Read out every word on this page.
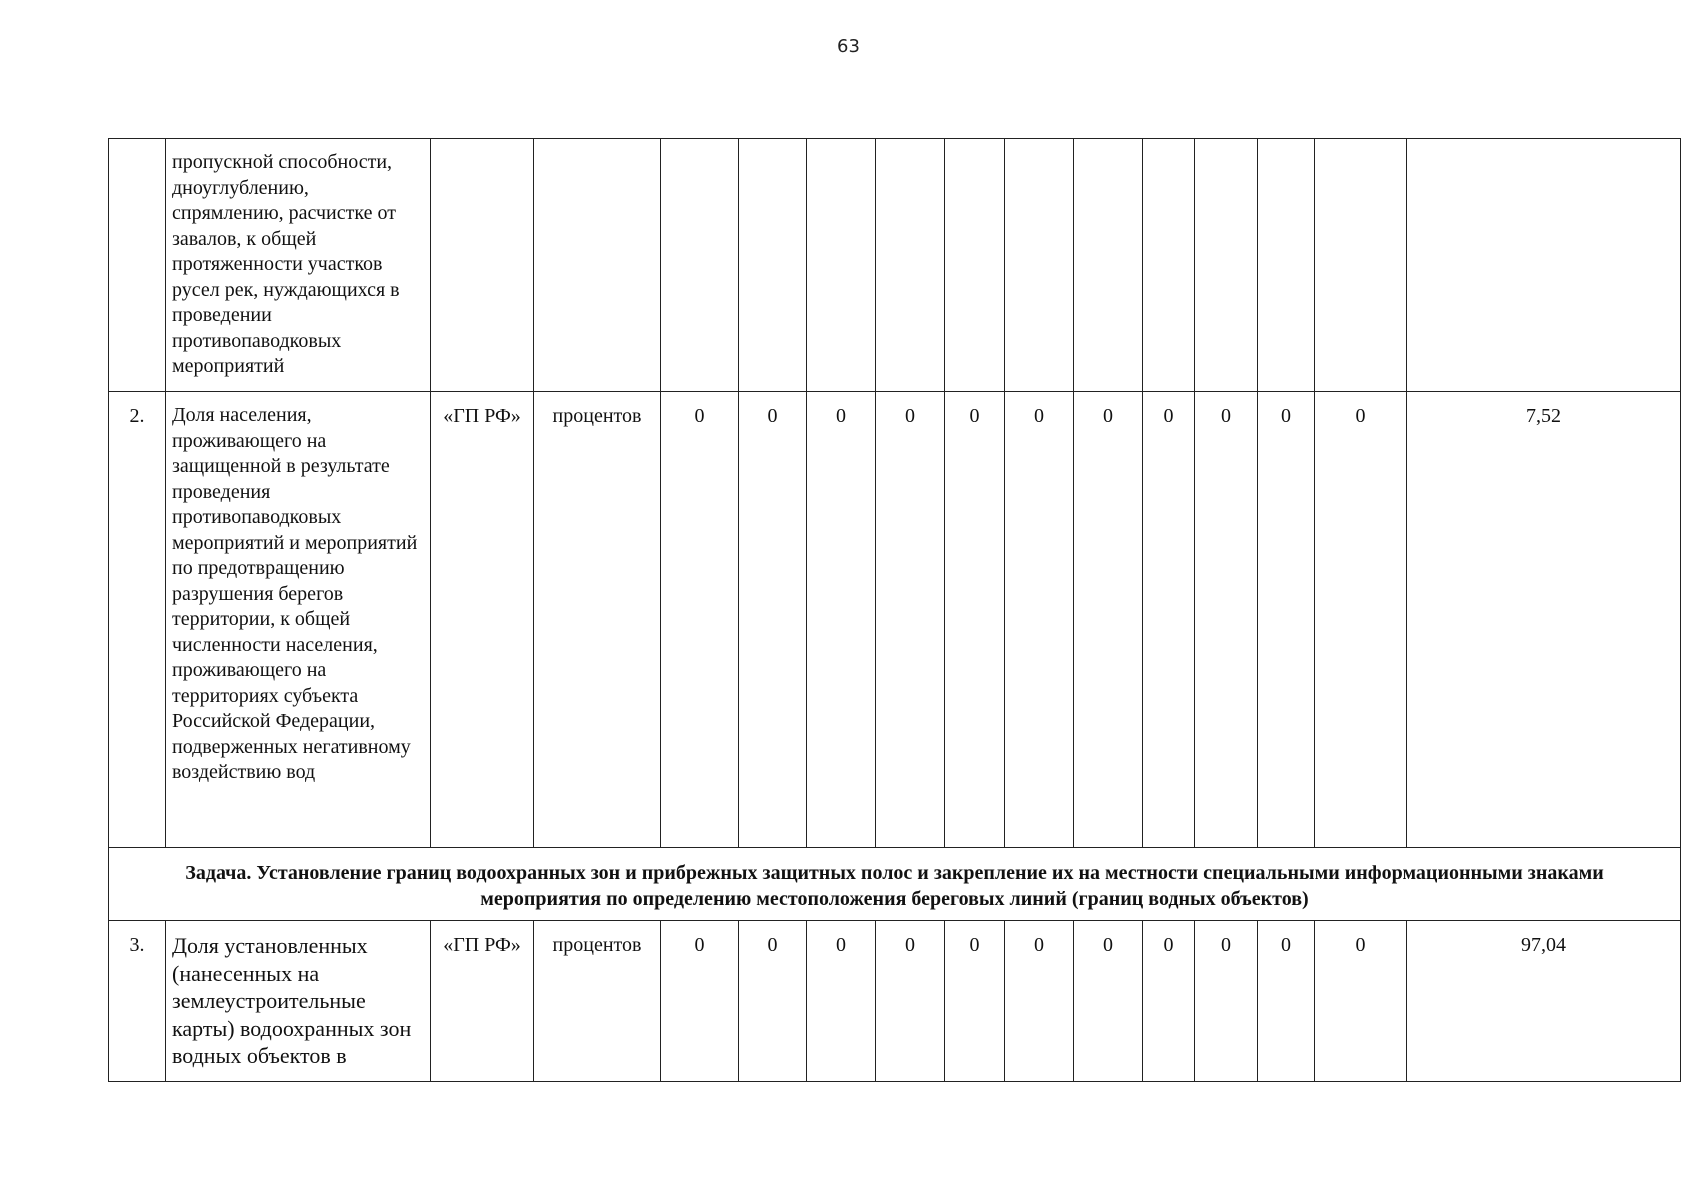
63
	пропускной способности, дноуглублению, спрямлению, расчистке от завалов, к общей протяженности участков русел рек, нуждающихся в проведении противопаводковых мероприятий														
2.	Доля населения, проживающего на защищенной в результате проведения противопаводковых мероприятий и мероприятий по предотвращению разрушения берегов территории, к общей численности населения, проживающего на территориях субъекта Российской Федерации, подверженных негативному воздействию вод	«ГП РФ»	процентов	0	0	0	0	0	0	0	0	0	0	0	7,52
Задача. Установление границ водоохранных зон и прибрежных защитных полос и закрепление их на местности специальными информационными знаками мероприятия по определению местоположения береговых линий (границ водных объектов)															
3.	Доля установленных (нанесенных на землеустроительные карты) водоохранных зон водных объектов в	«ГП РФ»	процентов	0	0	0	0	0	0	0	0	0	0	0	97,04
